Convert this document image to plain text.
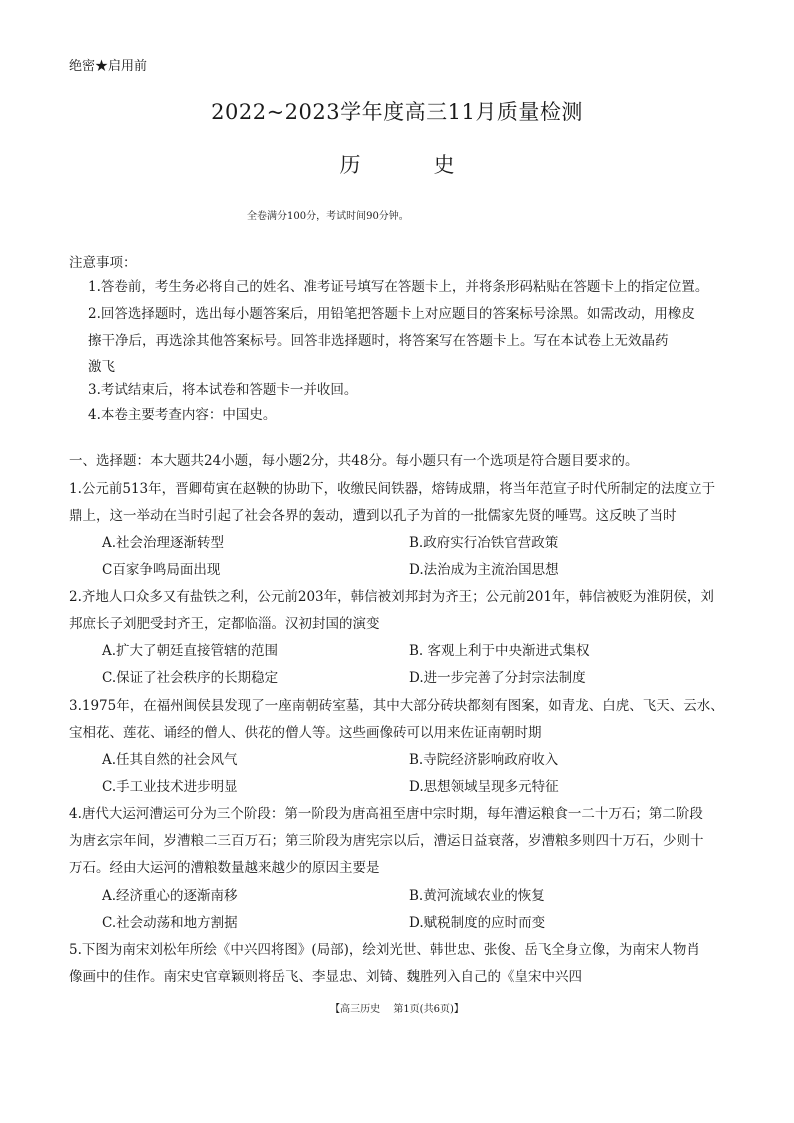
绝密★启用前
2022~2023学年度高三11月质量检测
历　史
全卷满分100分，考试时间90分钟。
注意事项：
1.答卷前，考生务必将自己的姓名、准考证号填写在答题卡上，并将条形码粘贴在答题卡上的指定位置。
2.回答选择题时，选出每小题答案后，用铅笔把答题卡上对应题目的答案标号涂黑。如需改动，用橡皮
擦干净后，再选涂其他答案标号。回答非选择题时，将答案写在答题卡上。写在本试卷上无效晶药
激飞
3.考试结束后，将本试卷和答题卡一并收回。
4.本卷主要考查内容：中国史。
一、选择题：本大题共24小题，每小题2分，共48分。每小题只有一个选项是符合题目要求的。
1.公元前513年，晋卿荀寅在赵鞅的协助下，收缴民间铁器，熔铸成鼎，将当年范宣子时代所制定的法度立于
鼎上，这一举动在当时引起了社会各界的轰动，遭到以孔子为首的一批儒家先贤的唾骂。这反映了当时
A.社会治理逐渐转型	B.政府实行冶铁官营政策
C百家争鸣局面出现	D.法治成为主流治国思想
2.齐地人口众多又有盐铁之利，公元前203年，韩信被刘邦封为齐王；公元前201年，韩信被贬为淮阴侯，刘
邦庶长子刘肥受封齐王，定都临淄。汉初封国的演变
A.扩大了朝廷直接管辖的范围	B. 客观上利于中央渐进式集权
C.保证了社会秩序的长期稳定	D.进一步完善了分封宗法制度
3.1975年，在福州闽侯县发现了一座南朝砖室墓，其中大部分砖块都刻有图案，如青龙、白虎、飞天、云水、
宝相花、莲花、诵经的僧人、供花的僧人等。这些画像砖可以用来佐证南朝时期
A.任其自然的社会风气	B.寺院经济影响政府收入
C.手工业技术进步明显	D.思想领域呈现多元特征
4.唐代大运河漕运可分为三个阶段：第一阶段为唐高祖至唐中宗时期，每年漕运粮食一二十万石；第二阶段
为唐玄宗年间，岁漕粮二三百万石；第三阶段为唐宪宗以后，漕运日益衰落，岁漕粮多则四十万石，少则十
万石。经由大运河的漕粮数量越来越少的原因主要是
A.经济重心的逐渐南移	B.黄河流域农业的恢复
C.社会动荡和地方割据	D.赋税制度的应时而变
5.下图为南宋刘松年所绘《中兴四将图》(局部)，绘刘光世、韩世忠、张俊、岳飞全身立像，为南宋人物肖
像画中的佳作。南宋史官章颖则将岳飞、李显忠、刘锜、魏胜列入自己的《皇宋中兴四
【高三历史　 第1页(共6页)】
